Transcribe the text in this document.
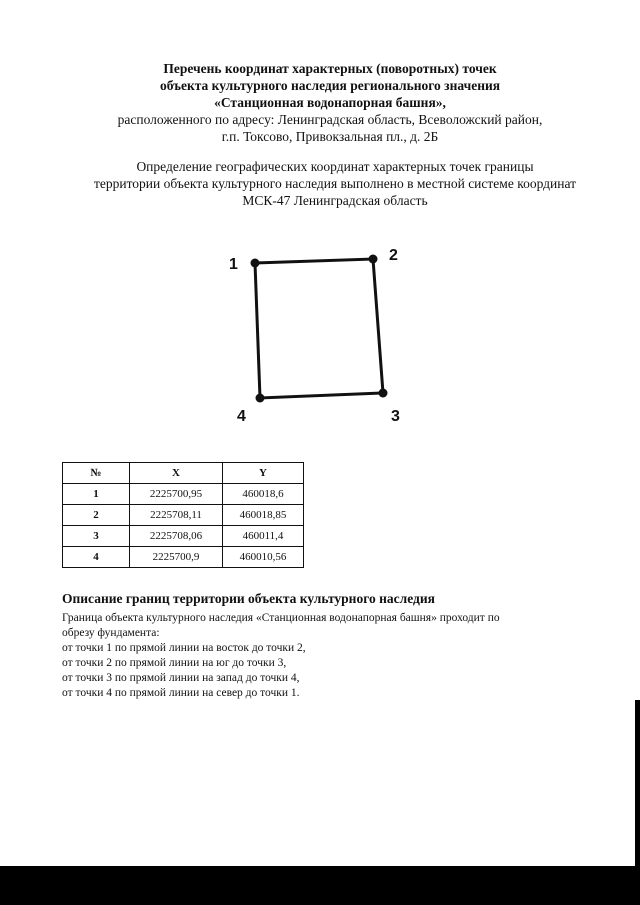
Перечень координат характерных (поворотных) точек
объекта культурного наследия регионального значения
«Станционная водонапорная башня»,
расположенного по адресу: Ленинградская область, Всеволожский район,
г.п. Токсово, Привокзальная пл., д. 2Б
Определение географических координат характерных точек границы
территории объекта культурного наследия выполнено в местной системе координат
МСК-47 Ленинградская область
1
2
3
4
№	X	Y
1	2225700,95	460018,6
2	2225708,11	460018,85
3	2225708,06	460011,4
4	2225700,9	460010,56
Описание границ территории объекта культурного наследия

Граница объекта культурного наследия «Станционная водонапорная башня» проходит по

обрезу фундамента:

от точки 1 по прямой линии на восток до точки 2,

от точки 2 по прямой линии на юг до точки 3,

от точки 3 по прямой линии на запад до точки 4,

от точки 4 по прямой линии на север до точки 1.
